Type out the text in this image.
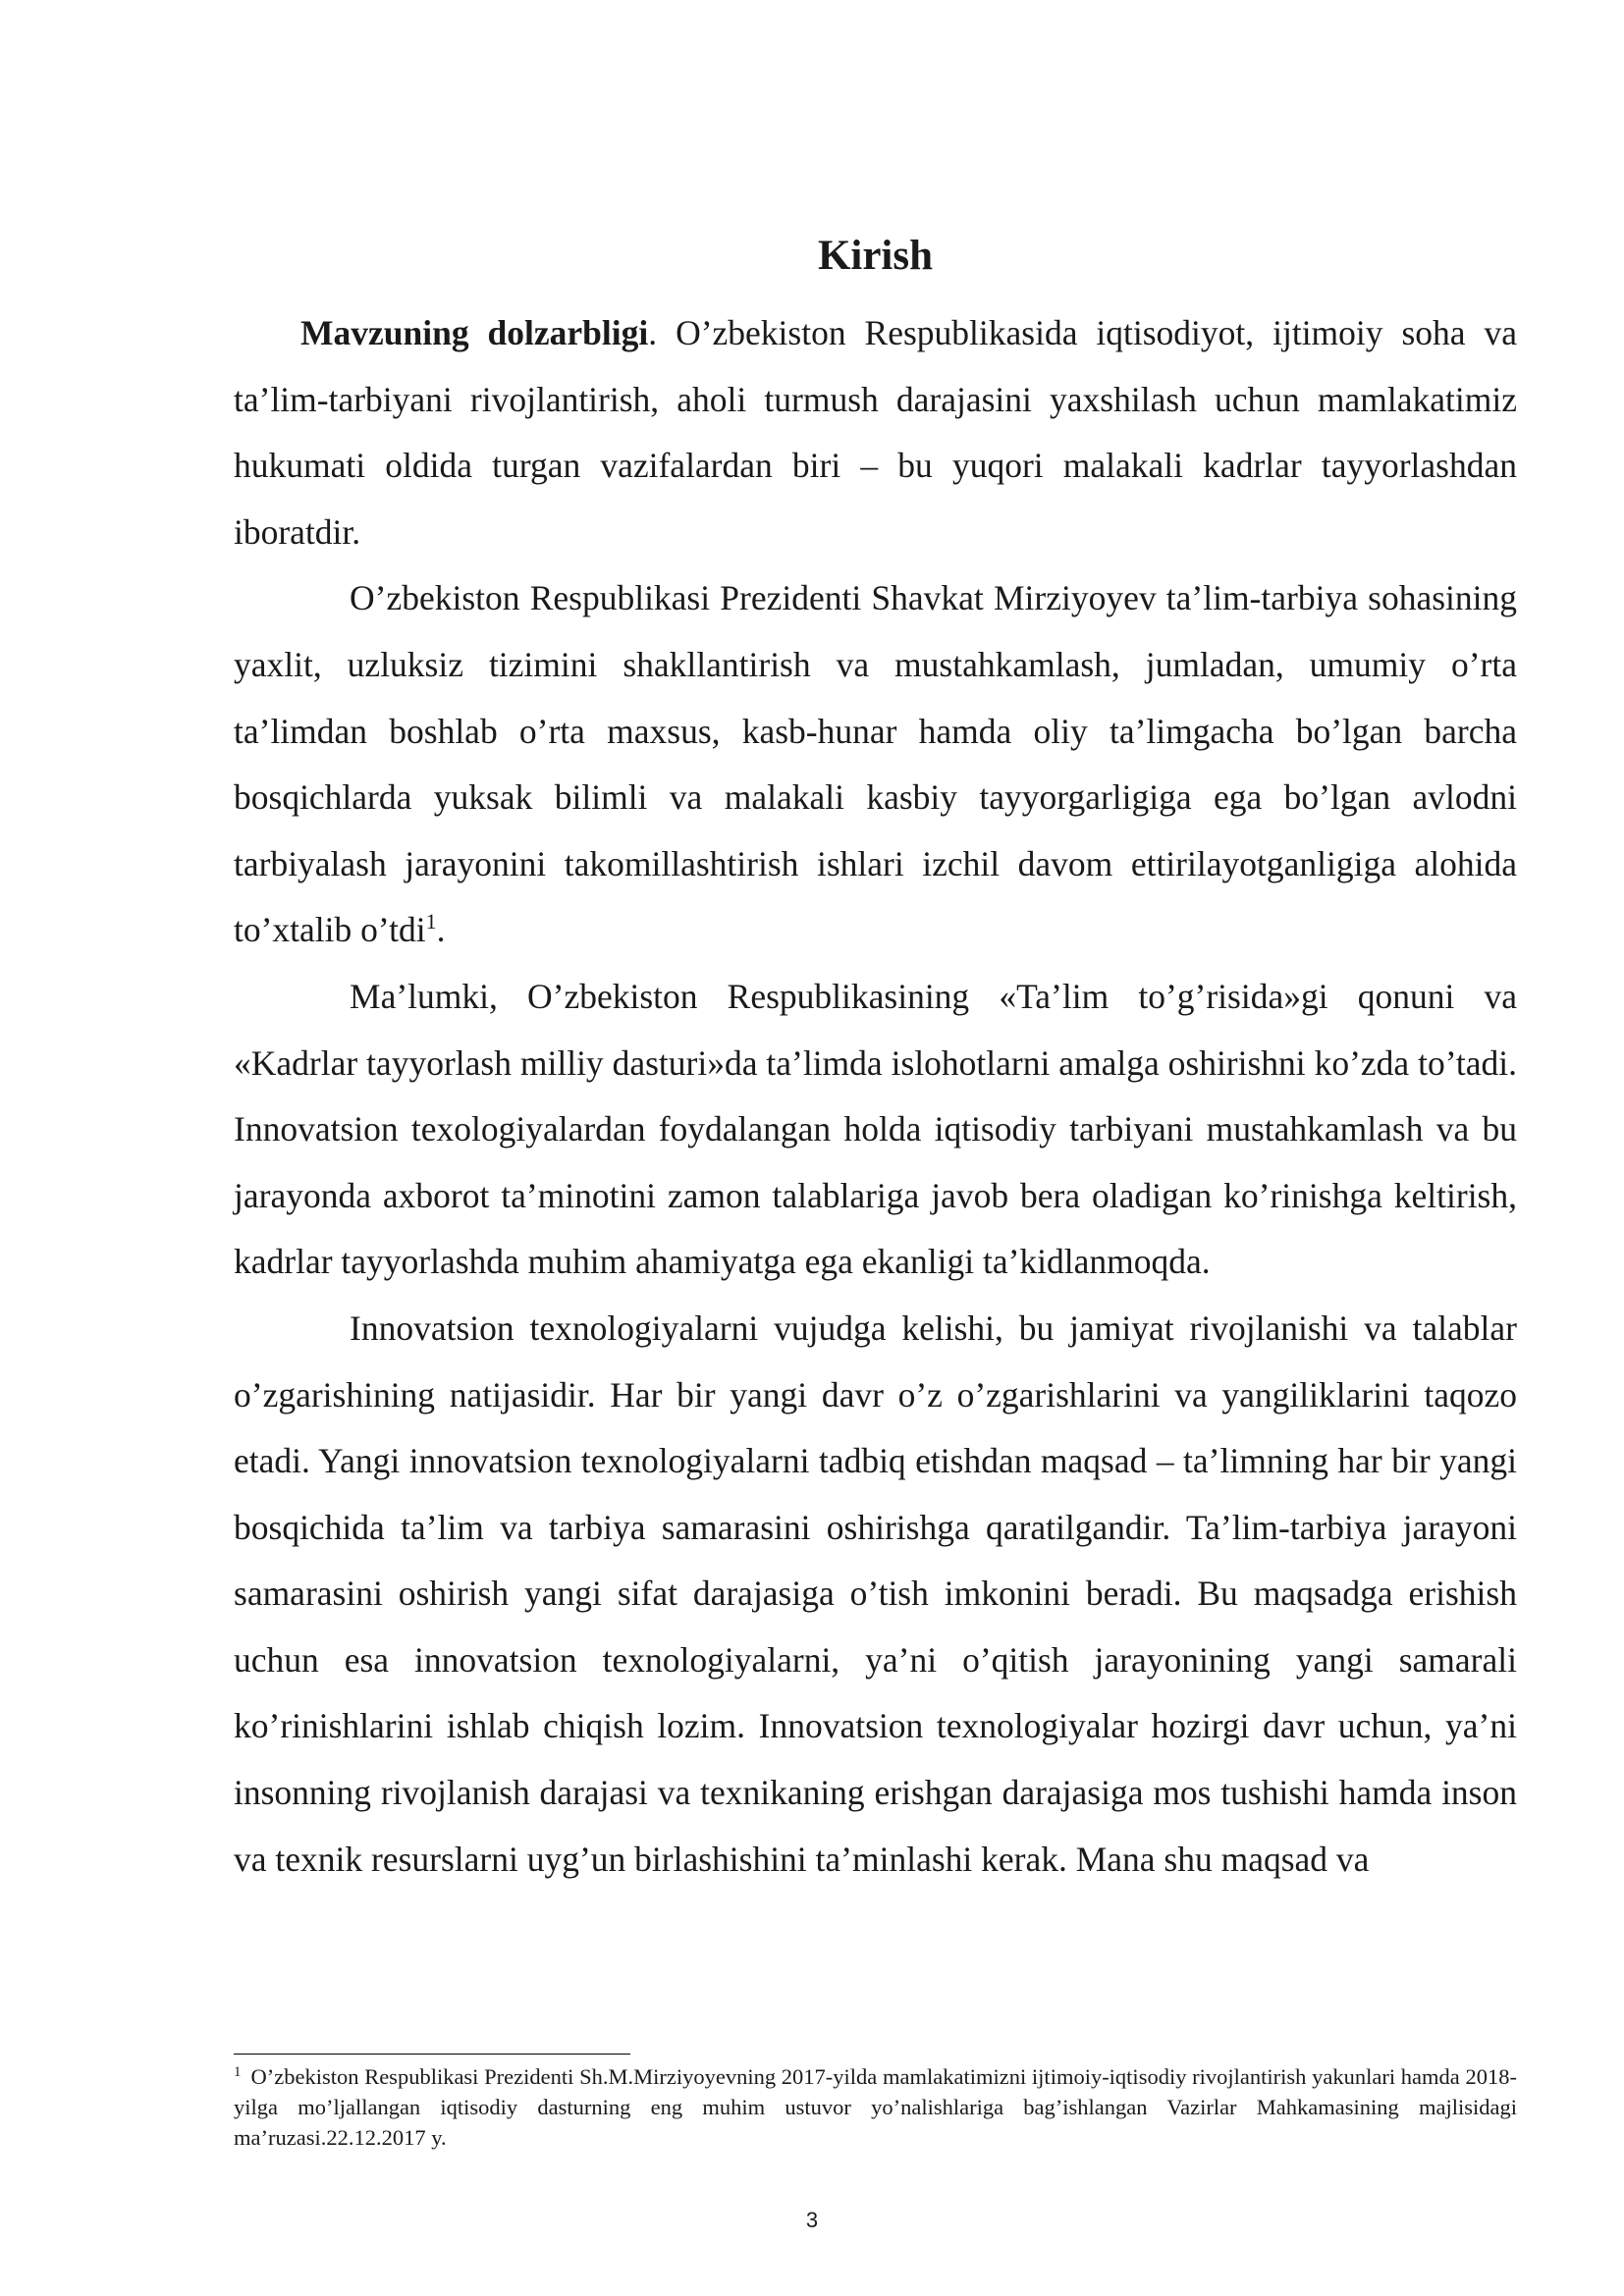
Kirish

Mavzuning dolzarbligi. O’zbekiston Respublikasida iqtisodiyot, ijtimoiy soha va ta’lim-tarbiyani rivojlantirish, aholi turmush darajasini yaxshilash uchun mamlakatimiz hukumati oldida turgan vazifalardan biri – bu yuqori malakali kadrlar tayyorlashdan iboratdir.

O’zbekiston Respublikasi Prezidenti Shavkat Mirziyoyev ta’lim-tarbiya sohasining yaxlit, uzluksiz tizimini shakllantirish va mustahkamlash, jumladan, umumiy o’rta ta’limdan boshlab o’rta maxsus, kasb-hunar hamda oliy ta’limgacha bo’lgan barcha bosqichlarda yuksak bilimli va malakali kasbiy tayyorgarligiga ega bo’lgan avlodni tarbiyalash jarayonini takomillashtirish ishlari izchil davom ettirilayotganligiga alohida to’xtalib o’tdi$^1$.

Ma’lumki, O’zbekiston Respublikasining «Ta’lim to’g’risida»gi qonuni va «Kadrlar tayyorlash milliy dasturi»da ta’limda islohotlarni amalga oshirishni ko’zda to’tadi. Innovatsion texologiyalardan foydalangan holda iqtisodiy tarbiyani mustahkamlash va bu jarayonda axborot ta’minotini zamon talablariga javob bera oladigan ko’rinishga keltirish, kadrlar tayyorlashda muhim ahamiyatga ega ekanligi ta’kidlanmoqda.

Innovatsion texnologiyalarni vujudga kelishi, bu jamiyat rivojlanishi va talablar o’zgarishining natijasidir. Har bir yangi davr o’z o’zgarishlarini va yangiliklarini taqozo etadi. Yangi innovatsion texnologiyalarni tadbiq etishdan maqsad – ta’limning har bir yangi bosqichida ta’lim va tarbiya samarasini oshirishga qaratilgandir. Ta’lim-tarbiya jarayoni samarasini oshirish yangi sifat darajasiga o’tish imkonini beradi. Bu maqsadga erishish uchun esa innovatsion texnologiyalarni, ya’ni o’qitish jarayonining yangi samarali ko’rinishlarini ishlab chiqish lozim. Innovatsion texnologiyalar hozirgi davr uchun, ya’ni insonning rivojlanish darajasi va texnikaning erishgan darajasiga mos tushishi hamda inson va texnik resurslarni uyg’un birlashishini ta’minlashi kerak. Mana shu maqsad va

$^1$ O’zbekiston Respublikasi Prezidenti Sh.M.Mirziyoyevning 2017-yilda mamlakatimizni ijtimoiy-iqtisodiy rivojlantirish yakunlari hamda 2018-yilga mo’ljallangan iqtisodiy dasturning eng muhim ustuvor yo’nalishlariga bag’ishlangan Vazirlar Mahkamasining majlisidagi ma’ruzasi.22.12.2017 y.

3
